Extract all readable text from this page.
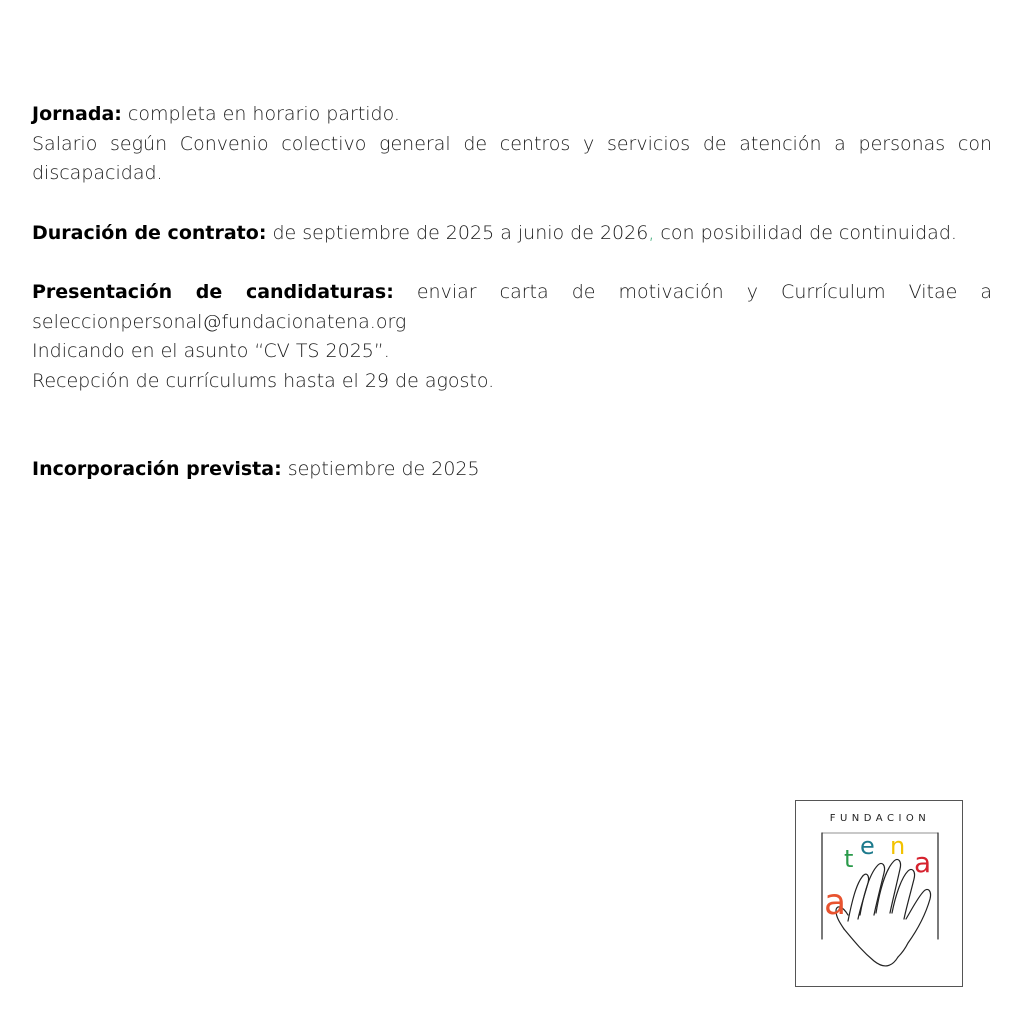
Jornada: completa en horario partido.

Salario según Convenio colectivo general de centros y servicios de atención a personas con discapacidad.

Duración de contrato: de septiembre de 2025 a junio de 2026, con posibilidad de continuidad.

Presentación de candidaturas: enviar carta de motivación y Currículum Vitae a

seleccionpersonal@fundacionatena.org

Indicando en el asunto “CV TS 2025”.

Recepción de currículums hasta el 29 de agosto.

Incorporación prevista: septiembre de 2025

FUNDACION
a
t e n a
